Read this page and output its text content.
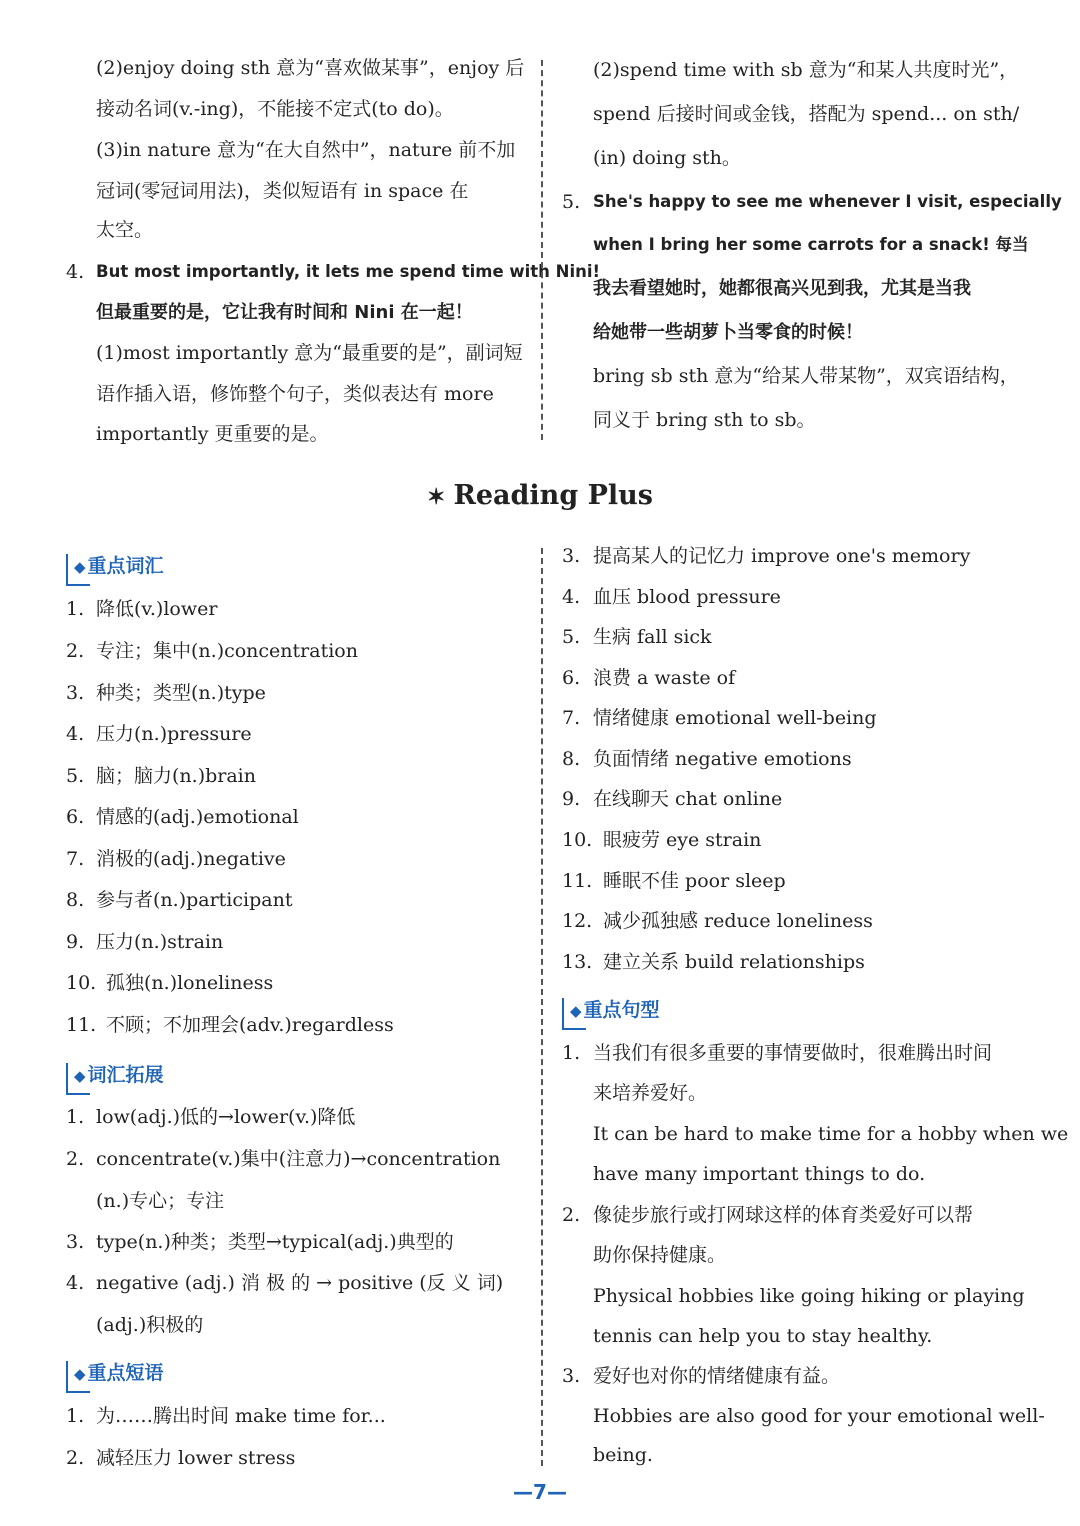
(2)enjoy doing sth 意为“喜欢做某事”，enjoy 后
接动名词(v.-ing)，不能接不定式(to do)。
(3)in nature 意为“在大自然中”，nature 前不加
冠词(零冠词用法)，类似短语有 in space 在
太空。
4. But most importantly, it lets me spend time with Nini!
但最重要的是，它让我有时间和 Nini 在一起！
(1)most importantly 意为“最重要的是”，副词短
语作插入语，修饰整个句子，类似表达有 more
importantly 更重要的是。
(2)spend time with sb 意为“和某人共度时光”，
spend 后接时间或金钱，搭配为 spend... on sth/
(in) doing sth。
5. She's happy to see me whenever I visit, especially
when I bring her some carrots for a snack! 每当
我去看望她时，她都很高兴见到我，尤其是当我
给她带一些胡萝卜当零食的时候！
bring sb sth 意为“给某人带某物”，双宾语结构，
同义于 bring sth to sb。
✶ Reading Plus
◆ 重点词汇
1. 降低(v.)lower
2. 专注；集中(n.)concentration
3. 种类；类型(n.)type
4. 压力(n.)pressure
5. 脑；脑力(n.)brain
6. 情感的(adj.)emotional
7. 消极的(adj.)negative
8. 参与者(n.)participant
9. 压力(n.)strain
10. 孤独(n.)loneliness
11. 不顾；不加理会(adv.)regardless
◆ 词汇拓展
1. low(adj.)低的→lower(v.)降低
2. concentrate(v.)集中(注意力)→concentration
(n.)专心；专注
3. type(n.)种类；类型→typical(adj.)典型的
4. negative (adj.) 消 极 的 → positive (反 义 词)
(adj.)积极的
◆ 重点短语
1. 为……腾出时间 make time for...
2. 减轻压力 lower stress
3. 提高某人的记忆力 improve one's memory
4. 血压 blood pressure
5. 生病 fall sick
6. 浪费 a waste of
7. 情绪健康 emotional well-being
8. 负面情绪 negative emotions
9. 在线聊天 chat online
10. 眼疲劳 eye strain
11. 睡眠不佳 poor sleep
12. 减少孤独感 reduce loneliness
13. 建立关系 build relationships
◆ 重点句型
1. 当我们有很多重要的事情要做时，很难腾出时间
来培养爱好。
It can be hard to make time for a hobby when we
have many important things to do.
2. 像徒步旅行或打网球这样的体育类爱好可以帮
助你保持健康。
Physical hobbies like going hiking or playing
tennis can help you to stay healthy.
3. 爱好也对你的情绪健康有益。
Hobbies are also good for your emotional well-
being.
—7—
